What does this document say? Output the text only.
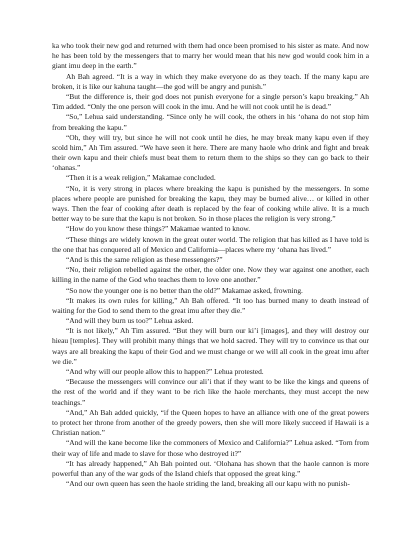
ka who took their new god and returned with them had once been promised to his sister as mate. And now he has been told by the messengers that to marry her would mean that his new god would cook him in a giant imu deep in the earth.”

Ah Bah agreed. “It is a way in which they make everyone do as they teach. If the many kapu are broken, it is like our kahuna taught—the god will be angry and punish.”

“But the difference is, their god does not punish everyone for a single person’s kapu breaking.” Ah Tim added. “Only the one person will cook in the imu. And he will not cook until he is dead.”

“So,” Lehua said understanding. “Since only he will cook, the others in his ‘ohana do not stop him from breaking the kapu.”

“Oh, they will try, but since he will not cook until he dies, he may break many kapu even if they scold him,” Ah Tim assured. “We have seen it here. There are many haole who drink and fight and break their own kapu and their chiefs must beat them to return them to the ships so they can go back to their ‘ohanas.”

“Then it is a weak religion,” Makamae concluded.

“No, it is very strong in places where breaking the kapu is punished by the messengers. In some places where people are punished for breaking the kapu, they may be burned alive… or killed in other ways. Then the fear of cooking after death is replaced by the fear of cooking while alive. It is a much better way to be sure that the kapu is not broken. So in those places the religion is very strong.”

“How do you know these things?” Makamae wanted to know.

“These things are widely known in the great outer world. The religion that has killed as I have told is the one that has conquered all of Mexico and California—places where my ‘ohana has lived.”

“And is this the same religion as these messengers?”

“No, their religion rebelled against the other, the older one. Now they war against one another, each killing in the name of the God who teaches them to love one another.”

“So now the younger one is no better than the old?” Makamae asked, frowning.

“It makes its own rules for killing,” Ah Bah offered. “It too has burned many to death instead of waiting for the God to send them to the great imu after they die.”

“And will they burn us too?” Lehua asked.

“It is not likely,” Ah Tim assured. “But they will burn our ki’i [images], and they will destroy our hieau [temples]. They will prohibit many things that we hold sacred. They will try to convince us that our ways are all breaking the kapu of their God and we must change or we will all cook in the great imu after we die.”

“And why will our people allow this to happen?” Lehua protested.

“Because the messengers will convince our ali’i that if they want to be like the kings and queens of the rest of the world and if they want to be rich like the haole merchants, they must accept the new teachings.”

“And,” Ah Bah added quickly, “if the Queen hopes to have an alliance with one of the great powers to protect her throne from another of the greedy powers, then she will more likely succeed if Hawaii is a Christian nation.”

“And will the kane become like the commoners of Mexico and California?” Lehua asked. “Torn from their way of life and made to slave for those who destroyed it?”

“It has already happened,” Ah Bah pointed out. ‘Olohana has shown that the haole cannon is more powerful than any of the war gods of the Island chiefs that opposed the great king.”

“And our own queen has seen the haole striding the land, breaking all our kapu with no punish-
